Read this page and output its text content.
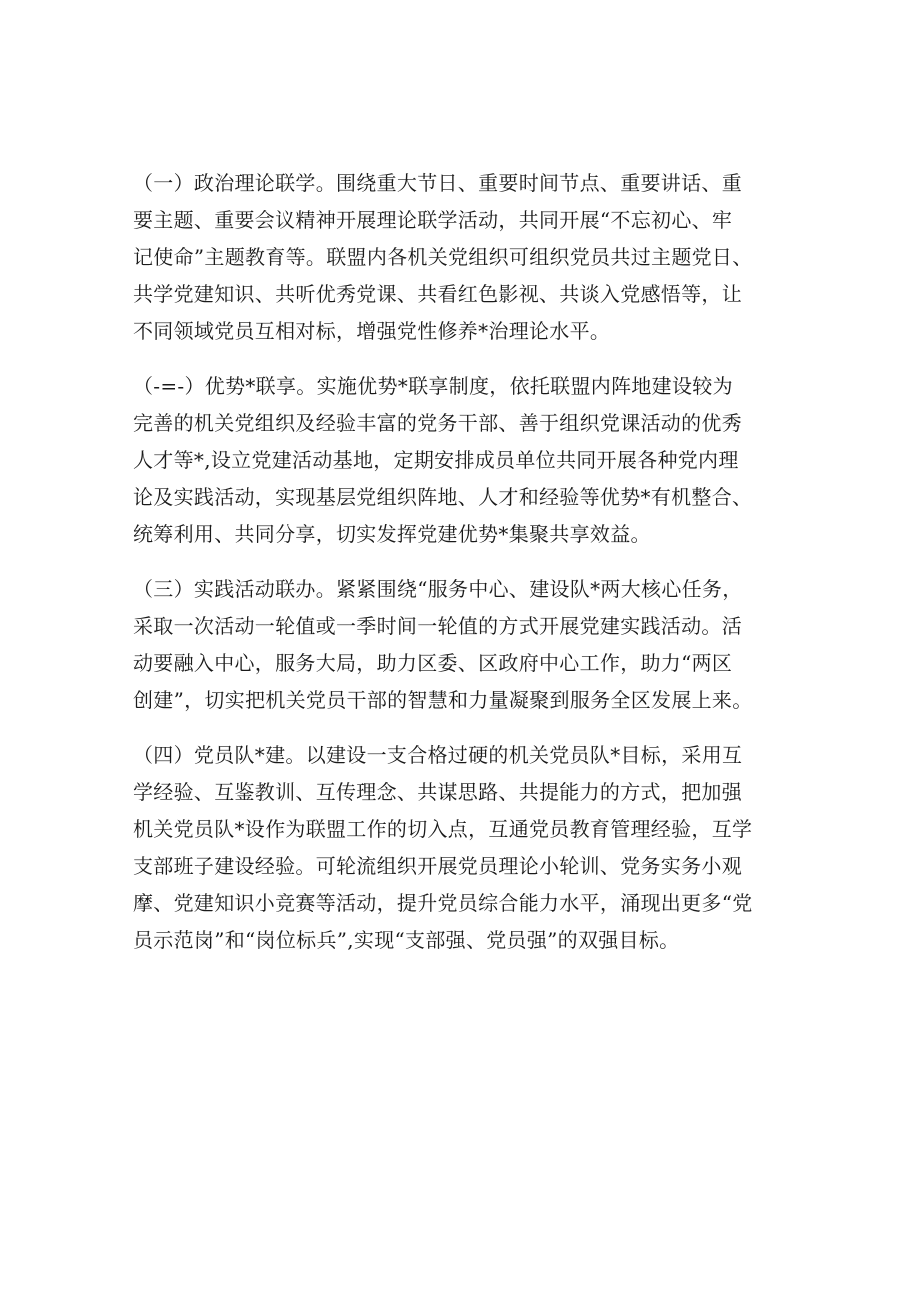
（一）政治理论联学。围绕重大节日、重要时间节点、重要讲话、重
要主题、重要会议精神开展理论联学活动，共同开展“不忘初心、牢
记使命”主题教育等。联盟内各机关党组织可组织党员共过主题党日、
共学党建知识、共听优秀党课、共看红色影视、共谈入党感悟等，让
不同领域党员互相对标，增强党性修养*治理论水平。

（-=-）优势*联享。实施优势*联享制度，依托联盟内阵地建设较为
完善的机关党组织及经验丰富的党务干部、善于组织党课活动的优秀
人才等*,设立党建活动基地，定期安排成员单位共同开展各种党内理
论及实践活动，实现基层党组织阵地、人才和经验等优势*有机整合、
统筹利用、共同分享，切实发挥党建优势*集聚共享效益。

（三）实践活动联办。紧紧围绕“服务中心、建设队*两大核心任务，
采取一次活动一轮值或一季时间一轮值的方式开展党建实践活动。活
动要融入中心，服务大局，助力区委、区政府中心工作，助力“两区
创建”，切实把机关党员干部的智慧和力量凝聚到服务全区发展上来。

（四）党员队*建。以建设一支合格过硬的机关党员队*目标，采用互
学经验、互鉴教训、互传理念、共谋思路、共提能力的方式，把加强
机关党员队*设作为联盟工作的切入点，互通党员教育管理经验，互学
支部班子建设经验。可轮流组织开展党员理论小轮训、党务实务小观
摩、党建知识小竞赛等活动，提升党员综合能力水平，涌现出更多“党
员示范岗”和“岗位标兵”,实现“支部强、党员强”的双强目标。
